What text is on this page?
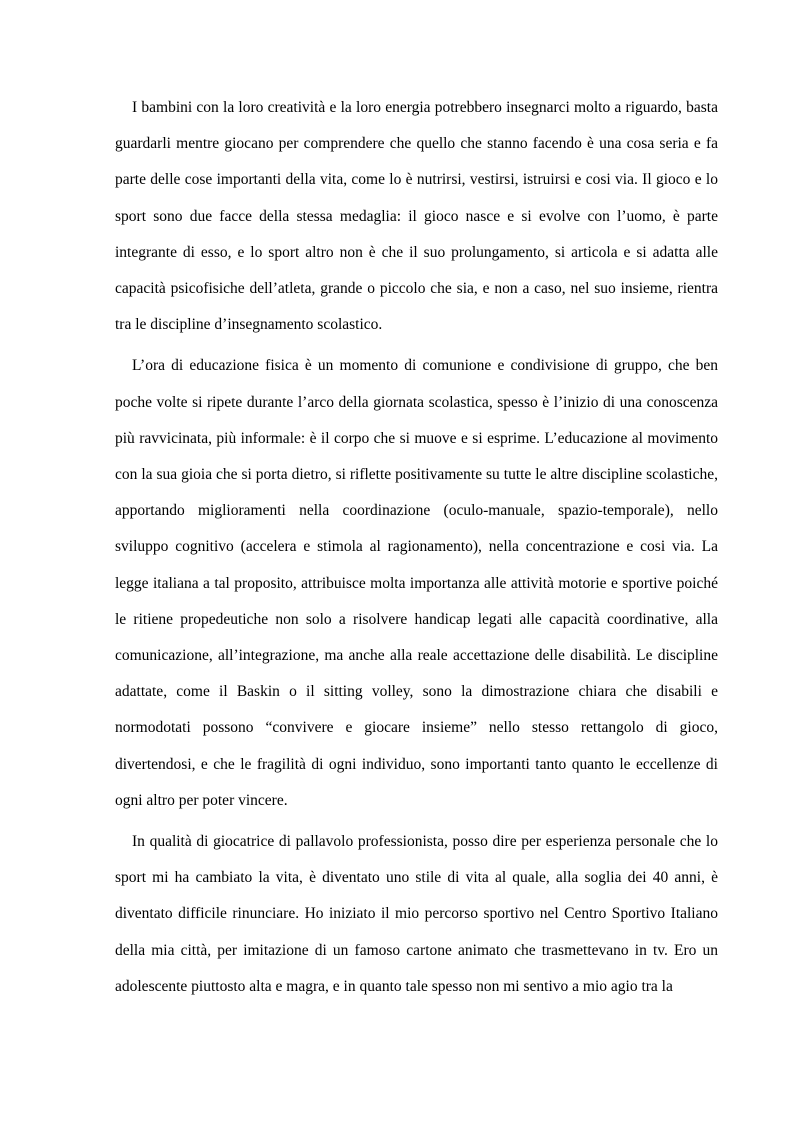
I bambini con la loro creatività e la loro energia potrebbero insegnarci molto a riguardo, basta guardarli mentre giocano per comprendere che quello che stanno facendo è una cosa seria e fa parte delle cose importanti della vita, come lo è nutrirsi, vestirsi, istruirsi e cosi via. Il gioco e lo sport sono due facce della stessa medaglia: il gioco nasce e si evolve con l’uomo, è parte integrante di esso, e lo sport altro non è che il suo prolungamento, si articola e si adatta alle capacità psicofisiche dell’atleta, grande o piccolo che sia, e non a caso, nel suo insieme, rientra tra le discipline d’insegnamento scolastico.

L’ora di educazione fisica è un momento di comunione e condivisione di gruppo, che ben poche volte si ripete durante l’arco della giornata scolastica, spesso è l’inizio di una conoscenza più ravvicinata, più informale: è il corpo che si muove e si esprime. L’educazione al movimento con la sua gioia che si porta dietro, si riflette positivamente su tutte le altre discipline scolastiche, apportando miglioramenti nella coordinazione (oculo-manuale, spazio-temporale), nello sviluppo cognitivo (accelera e stimola al ragionamento), nella concentrazione e cosi via. La legge italiana a tal proposito, attribuisce molta importanza alle attività motorie e sportive poiché le ritiene propedeutiche non solo a risolvere handicap legati alle capacità coordinative, alla comunicazione, all’integrazione, ma anche alla reale accettazione delle disabilità. Le discipline adattate, come il Baskin o il sitting volley, sono la dimostrazione chiara che disabili e normodotati possono “convivere e giocare insieme” nello stesso rettangolo di gioco, divertendosi, e che le fragilità di ogni individuo, sono importanti tanto quanto le eccellenze di ogni altro per poter vincere.

In qualità di giocatrice di pallavolo professionista, posso dire per esperienza personale che lo sport mi ha cambiato la vita, è diventato uno stile di vita al quale, alla soglia dei 40 anni, è diventato difficile rinunciare. Ho iniziato il mio percorso sportivo nel Centro Sportivo Italiano della mia città, per imitazione di un famoso cartone animato che trasmettevano in tv. Ero un adolescente piuttosto alta e magra, e in quanto tale spesso non mi sentivo a mio agio tra la
